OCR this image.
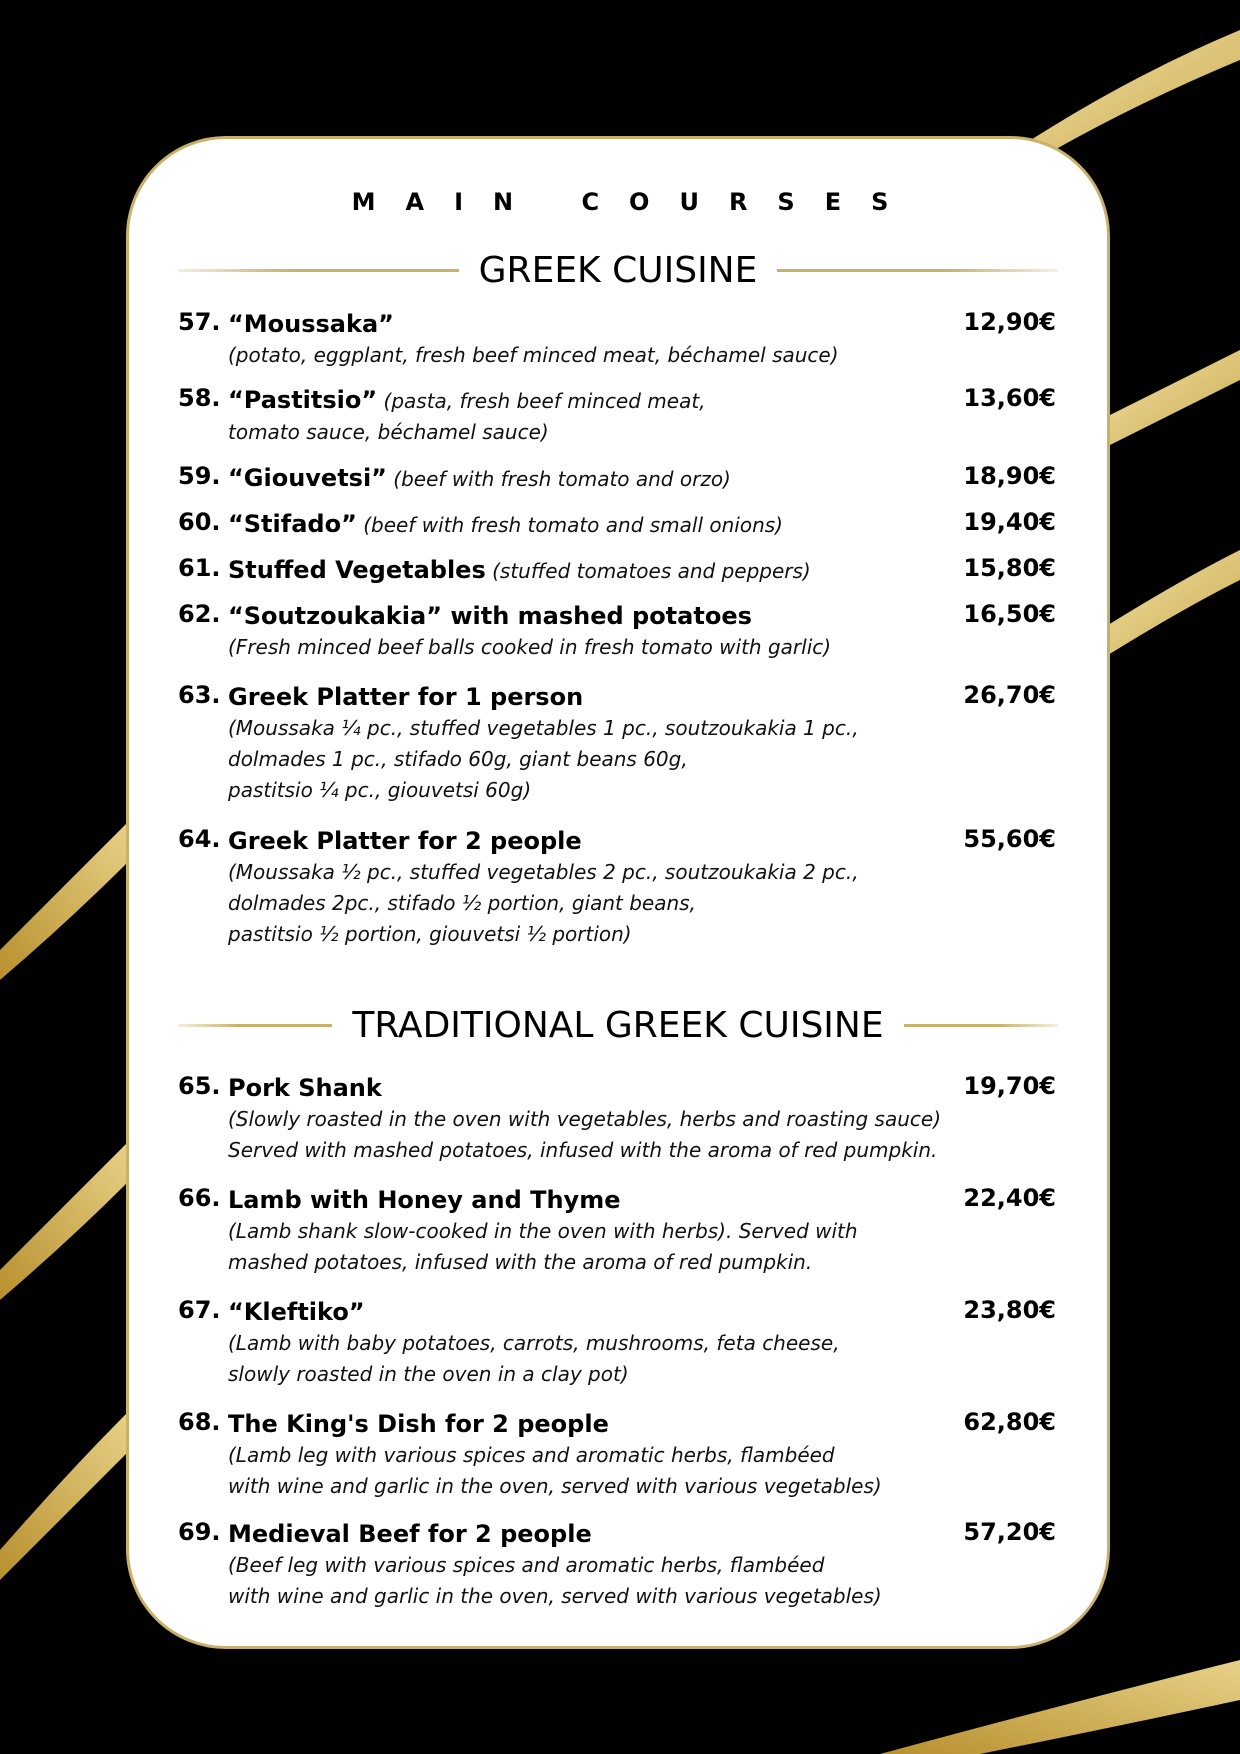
MAIN COURSES
GREEK CUISINE
57. “Moussaka”
(potato, eggplant, fresh beef minced meat, béchamel sauce)
12,90€
58. “Pastitsio” (pasta, fresh beef minced meat,
tomato sauce, béchamel sauce)
13,60€
59. “Giouvetsi” (beef with fresh tomato and orzo)	18,90€
60. “Stifado” (beef with fresh tomato and small onions)	19,40€
61. Stuffed Vegetables (stuffed tomatoes and peppers)	15,80€
62. “Soutzoukakia” with mashed potatoes
(Fresh minced beef balls cooked in fresh tomato with garlic)
16,50€
63. Greek Platter for 1 person
(Moussaka ¼ pc., stuffed vegetables 1 pc., soutzoukakia 1 pc.,
dolmades 1 pc., stifado 60g, giant beans 60g,
pastitsio ¼ pc., giouvetsi 60g)
26,70€
64. Greek Platter for 2 people
(Moussaka ½ pc., stuffed vegetables 2 pc., soutzoukakia 2 pc.,
dolmades 2pc., stifado ½ portion, giant beans,
pastitsio ½ portion, giouvetsi ½ portion)
55,60€
TRADITIONAL GREEK CUISINE
65. Pork Shank
(Slowly roasted in the oven with vegetables, herbs and roasting sauce)
Served with mashed potatoes, infused with the aroma of red pumpkin.
19,70€
66. Lamb with Honey and Thyme
(Lamb shank slow-cooked in the oven with herbs). Served with
mashed potatoes, infused with the aroma of red pumpkin.
22,40€
67. “Kleftiko”
(Lamb with baby potatoes, carrots, mushrooms, feta cheese,
slowly roasted in the oven in a clay pot)
23,80€
68. The King's Dish for 2 people
(Lamb leg with various spices and aromatic herbs, flambéed
with wine and garlic in the oven, served with various vegetables)
62,80€
69. Medieval Beef for 2 people
(Beef leg with various spices and aromatic herbs, flambéed
with wine and garlic in the oven, served with various vegetables)
57,20€
